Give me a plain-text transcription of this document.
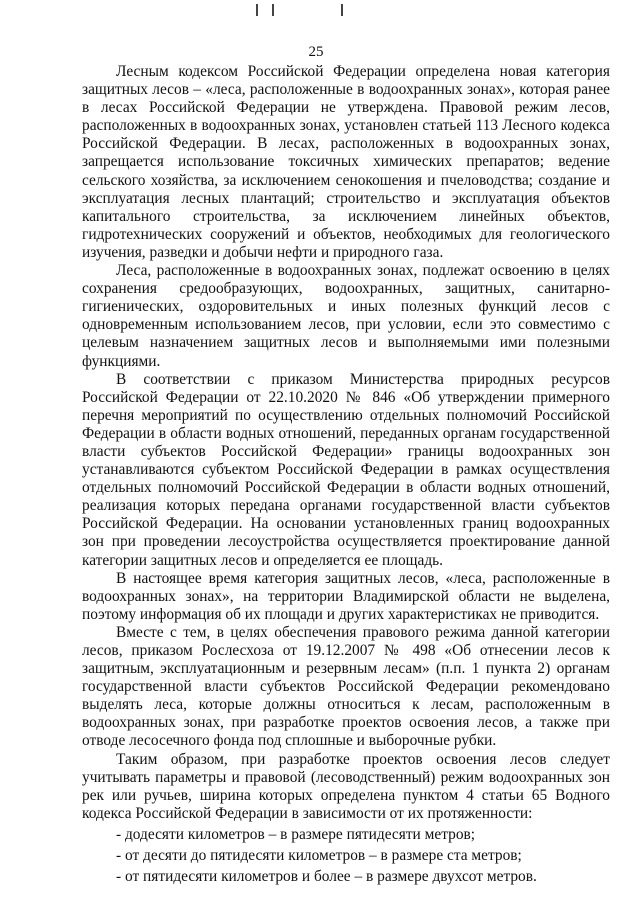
25

Лесным кодексом Российской Федерации определена новая категория защитных лесов – «леса, расположенные в водоохранных зонах», которая ранее в лесах Российской Федерации не утверждена. Правовой режим лесов, расположенных в водоохранных зонах, установлен статьей 113 Лесного кодекса Российской Федерации. В лесах, расположенных в водоохранных зонах, запрещается использование токсичных химических препаратов; ведение сельского хозяйства, за исключением сенокошения и пчеловодства; создание и эксплуатация лесных плантаций; строительство и эксплуатация объектов капитального строительства, за исключением линейных объектов, гидротехнических сооружений и объектов, необходимых для геологического изучения, разведки и добычи нефти и природного газа.

Леса, расположенные в водоохранных зонах, подлежат освоению в целях сохранения средообразующих, водоохранных, защитных, санитарно-гигиенических, оздоровительных и иных полезных функций лесов с одновременным использованием лесов, при условии, если это совместимо с целевым назначением защитных лесов и выполняемыми ими полезными функциями.

В соответствии с приказом Министерства природных ресурсов Российской Федерации от 22.10.2020 № 846 «Об утверждении примерного перечня мероприятий по осуществлению отдельных полномочий Российской Федерации в области водных отношений, переданных органам государственной власти субъектов Российской Федерации» границы водоохранных зон устанавливаются субъектом Российской Федерации в рамках осуществления отдельных полномочий Российской Федерации в области водных отношений, реализация которых передана органами государственной власти субъектов Российской Федерации. На основании установленных границ водоохранных зон при проведении лесоустройства осуществляется проектирование данной категории защитных лесов и определяется ее площадь.

В настоящее время категория защитных лесов, «леса, расположенные в водоохранных зонах», на территории Владимирской области не выделена, поэтому информация об их площади и других характеристиках не приводится.

Вместе с тем, в целях обеспечения правового режима данной категории лесов, приказом Рослесхоза от 19.12.2007 № 498 «Об отнесении лесов к защитным, эксплуатационным и резервным лесам» (п.п. 1 пункта 2) органам государственной власти субъектов Российской Федерации рекомендовано выделять леса, которые должны относиться к лесам, расположенным в водоохранных зонах, при разработке проектов освоения лесов, а также при отводе лесосечного фонда под сплошные и выборочные рубки.

Таким образом, при разработке проектов освоения лесов следует учитывать параметры и правовой (лесоводственный) режим водоохранных зон рек или ручьев, ширина которых определена пунктом 4 статьи 65 Водного кодекса Российской Федерации в зависимости от их протяженности:

- додесяти километров – в размере пятидесяти метров;
- от десяти до пятидесяти километров – в размере ста метров;
- от пятидесяти километров и более – в размере двухсот метров.
